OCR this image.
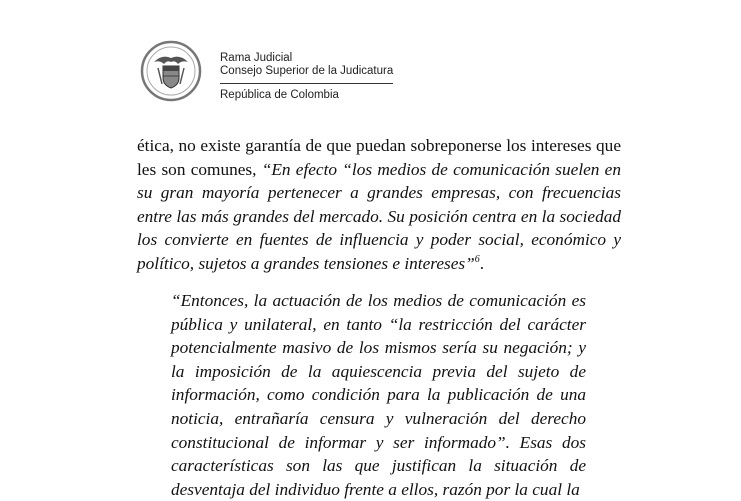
Rama Judicial
Consejo Superior de la Judicatura
República de Colombia

ética, no existe garantía de que puedan sobreponerse los intereses que les son comunes, “En efecto “los medios de comunicación suelen en su gran mayoría pertenecer a grandes empresas, con frecuencias entre las más grandes del mercado. Su posición centra en la sociedad los convierte en fuentes de influencia y poder social, económico y político, sujetos a grandes tensiones e intereses”$^6$.

“Entonces, la actuación de los medios de comunicación es pública y unilateral, en tanto “la restricción del carácter potencialmente masivo de los mismos sería su negación; y la imposición de la aquiescencia previa del sujeto de información, como condición para la publicación de una noticia, entrañaría censura y vulneración del derecho constitucional de informar y ser informado”. Esas dos características son las que justifican la situación de desventaja del individuo frente a ellos, razón por la cual la
